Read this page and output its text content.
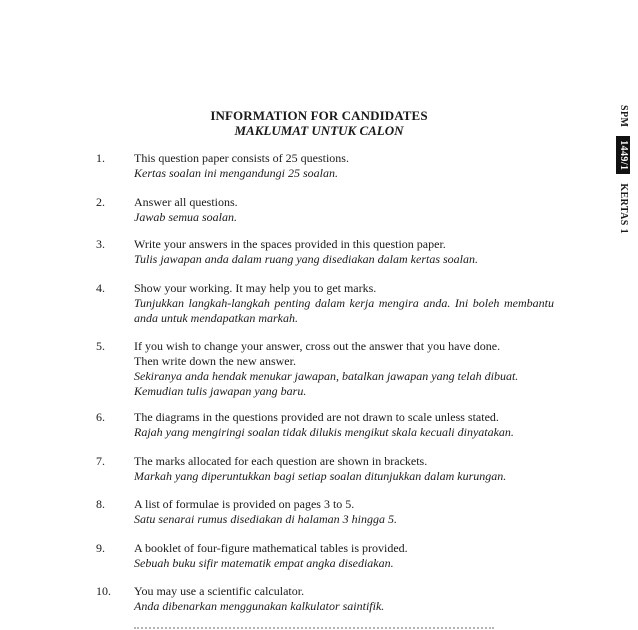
INFORMATION FOR CANDIDATES
MAKLUMAT UNTUK CALON
SPM 1449/1 KERTAS 1
1. This question paper consists of 25 questions.
Kertas soalan ini mengandungi 25 soalan.
2. Answer all questions.
Jawab semua soalan.
3. Write your answers in the spaces provided in this question paper.
Tulis jawapan anda dalam ruang yang disediakan dalam kertas soalan.
4. Show your working. It may help you to get marks.
Tunjukkan langkah-langkah penting dalam kerja mengira anda. Ini boleh membantu anda untuk mendapatkan markah.
5. If you wish to change your answer, cross out the answer that you have done.
Then write down the new answer.
Sekiranya anda hendak menukar jawapan, batalkan jawapan yang telah dibuat.
Kemudian tulis jawapan yang baru.
6. The diagrams in the questions provided are not drawn to scale unless stated.
Rajah yang mengiringi soalan tidak dilukis mengikut skala kecuali dinyatakan.
7. The marks allocated for each question are shown in brackets.
Markah yang diperuntukkan bagi setiap soalan ditunjukkan dalam kurungan.
8. A list of formulae is provided on pages 3 to 5.
Satu senarai rumus disediakan di halaman 3 hingga 5.
9. A booklet of four-figure mathematical tables is provided.
Sebuah buku sifir matematik empat angka disediakan.
10. You may use a scientific calculator.
Anda dibenarkan menggunakan kalkulator saintifik.
